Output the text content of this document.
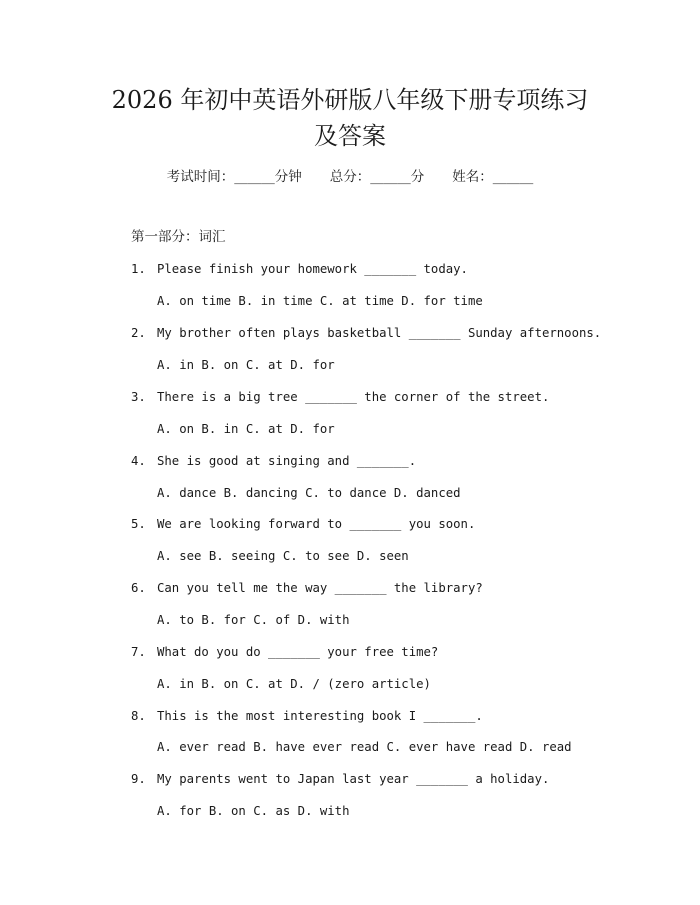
2026 年初中英语外研版八年级下册专项练习
及答案
考试时间：______分钟 总分：______分 姓名：______
第一部分：词汇
1. Please finish your homework _______ today.
A. on time B. in time C. at time D. for time
2. My brother often plays basketball _______ Sunday afternoons.
A. in B. on C. at D. for
3. There is a big tree _______ the corner of the street.
A. on B. in C. at D. for
4. She is good at singing and _______.
A. dance B. dancing C. to dance D. danced
5. We are looking forward to _______ you soon.
A. see B. seeing C. to see D. seen
6. Can you tell me the way _______ the library?
A. to B. for C. of D. with
7. What do you do _______ your free time?
A. in B. on C. at D. / (zero article)
8. This is the most interesting book I _______.
A. ever read B. have ever read C. ever have read D. read
9. My parents went to Japan last year _______ a holiday.
A. for B. on C. as D. with
